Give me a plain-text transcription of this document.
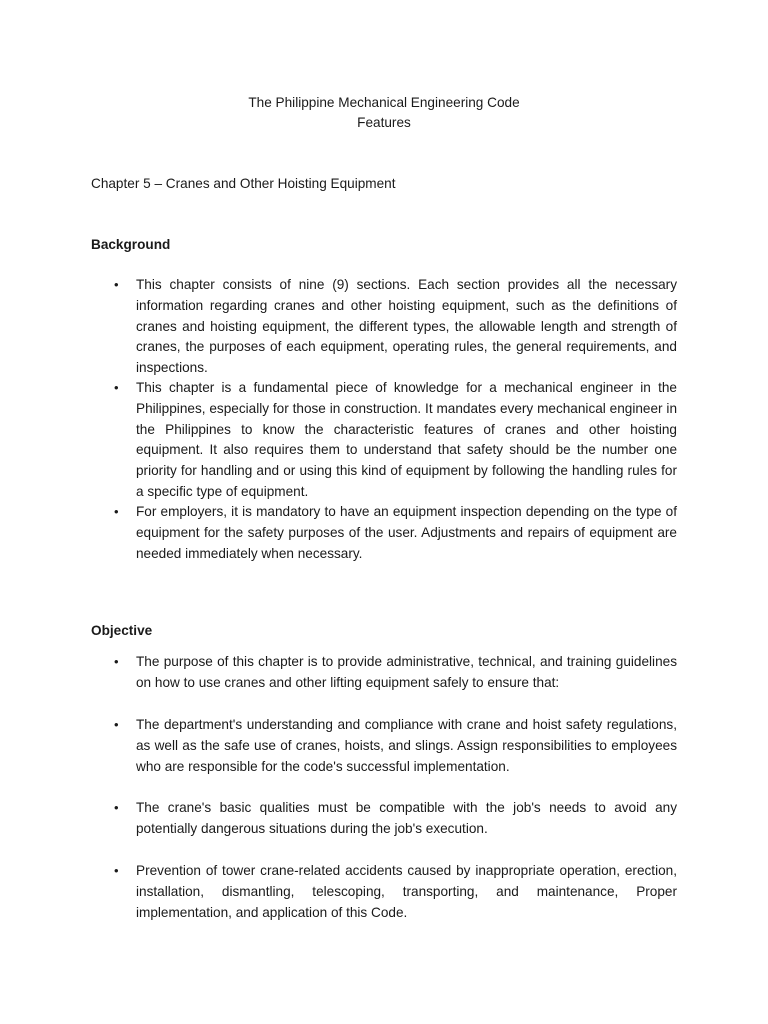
The Philippine Mechanical Engineering Code
Features
Chapter 5 – Cranes and Other Hoisting Equipment
Background
• This chapter consists of nine (9) sections. Each section provides all the necessary information regarding cranes and other hoisting equipment, such as the definitions of cranes and hoisting equipment, the different types, the allowable length and strength of cranes, the purposes of each equipment, operating rules, the general requirements, and inspections.
• This chapter is a fundamental piece of knowledge for a mechanical engineer in the Philippines, especially for those in construction. It mandates every mechanical engineer in the Philippines to know the characteristic features of cranes and other hoisting equipment. It also requires them to understand that safety should be the number one priority for handling and or using this kind of equipment by following the handling rules for a specific type of equipment.
• For employers, it is mandatory to have an equipment inspection depending on the type of equipment for the safety purposes of the user. Adjustments and repairs of equipment are needed immediately when necessary.
Objective
• The purpose of this chapter is to provide administrative, technical, and training guidelines on how to use cranes and other lifting equipment safely to ensure that:
• The department's understanding and compliance with crane and hoist safety regulations, as well as the safe use of cranes, hoists, and slings. Assign responsibilities to employees who are responsible for the code's successful implementation.
• The crane's basic qualities must be compatible with the job's needs to avoid any potentially dangerous situations during the job's execution.
• Prevention of tower crane-related accidents caused by inappropriate operation, erection, installation, dismantling, telescoping, transporting, and maintenance, Proper implementation, and application of this Code.
